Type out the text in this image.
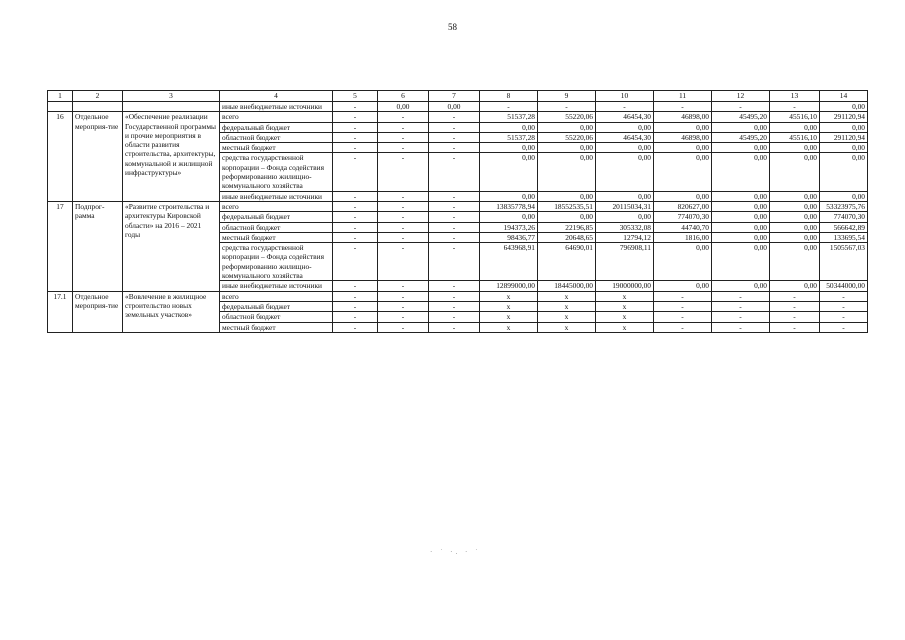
58
1	2	3	4	5	6	7	8	9	10	11	12	13	14
			иные внебюджетные источники	-	0,00	0,00	-	-	-	-	-	-	0,00
16	Отдельное мероприя-тие	«Обеспечение реализации Государственной программы и прочие мероприятия в области развития строительства, архитектуры, коммунальной и жилищной инфраструктуры»	всего	-	-	-	51537,28	55220,06	46454,30	46898,00	45495,20	45516,10	291120,94
			федеральный бюджет	-	-	-	0,00	0,00	0,00	0,00	0,00	0,00	0,00
			областной бюджет	-	-	-	51537,28	55220,06	46454,30	46898,00	45495,20	45516,10	291120,94
			местный бюджет	-	-	-	0,00	0,00	0,00	0,00	0,00	0,00	0,00
			средства государственной корпорации – Фонда содействия реформированию жилищно-коммунального хозяйства	-	-	-	0,00	0,00	0,00	0,00	0,00	0,00	0,00
			иные внебюджетные источники	-	-	-	0,00	0,00	0,00	0,00	0,00	0,00	0,00
17	Подпрог-рамма	«Развитие строительства и архитектуры Кировской области» на 2016 – 2021 годы	всего	-	-	-	13835778,94	18552535,51	20115034,31	820627,00	0,00	0,00	53323975,76
			федеральный бюджет	-	-	-	0,00	0,00	0,00	774070,30	0,00	0,00	774070,30
			областной бюджет	-	-	-	194373,26	22196,85	305332,08	44740,70	0,00	0,00	566642,89
			местный бюджет	-	-	-	98436,77	20648,65	12794,12	1816,00	0,00	0,00	133695,54
			средства государственной корпорации – Фонда содействия реформированию жилищно-коммунального хозяйства	-	-	-	643968,91	64690,01	796908,11	0,00	0,00	0,00	1505567,03
			иные внебюджетные источники	-	-	-	12899000,00	18445000,00	19000000,00	0,00	0,00	0,00	50344000,00
17.1	Отдельное мероприя-тие	«Вовлечение в жилищное строительство новых земельных участков»	всего	-	-	-	x	x	x	-	-	-	-
			федеральный бюджет	-	-	-	x	x	x	-	-	-	-
			областной бюджет	-	-	-	x	x	x	-	-	-	-
			местный бюджет	-	-	-	x	x	x	-	-	-	-
· ˙ ·. · ˙
